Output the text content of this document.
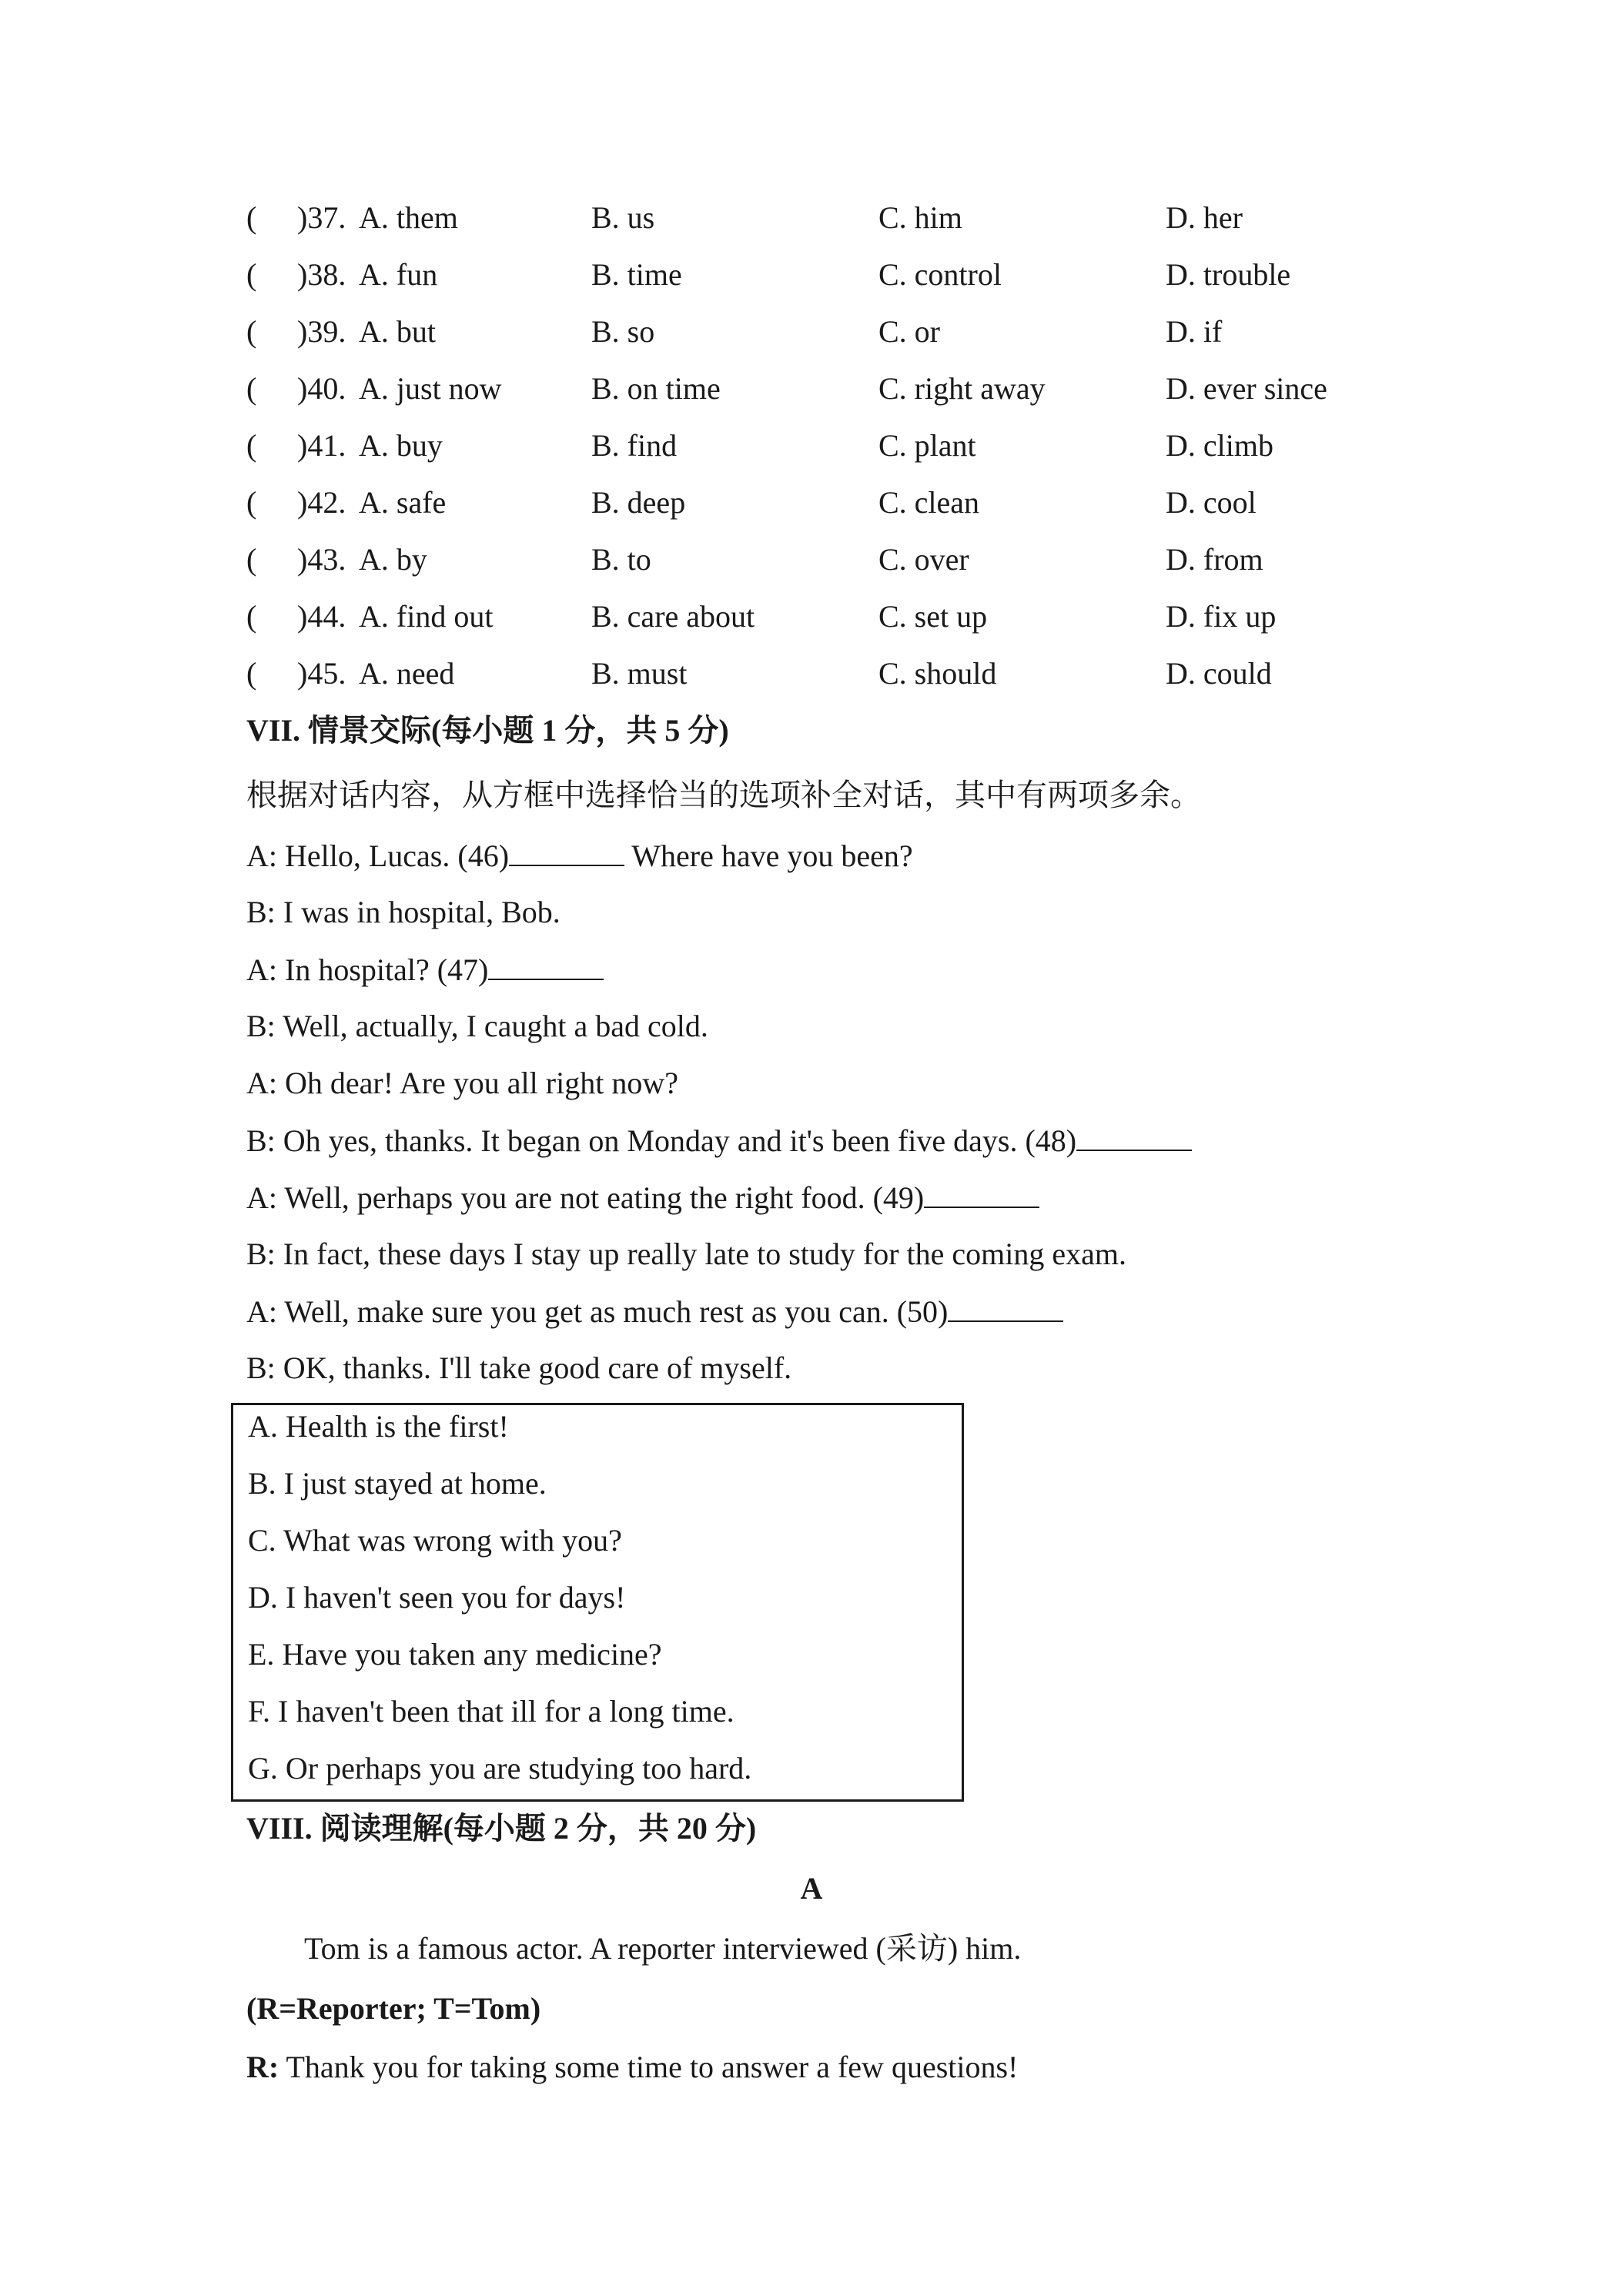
( )37. A. them	B. us	C. him	D. her
( )38. A. fun	B. time	C. control	D. trouble
( )39. A. but	B. so	C. or	D. if
( )40. A. just now	B. on time	C. right away	D. ever since
( )41. A. buy	B. find	C. plant	D. climb
( )42. A. safe	B. deep	C. clean	D. cool
( )43. A. by	B. to	C. over	D. from
( )44. A. find out	B. care about	C. set up	D. fix up
( )45. A. need	B. must	C. should	D. could
VII. 情景交际(每小题 1 分，共 5 分)
根据对话内容，从方框中选择恰当的选项补全对话，其中有两项多余。
A: Hello, Lucas. (46)	Where have you been?
B: I was in hospital, Bob.
A: In hospital? (47)
B: Well, actually, I caught a bad cold.
A: Oh dear! Are you all right now?
B: Oh yes, thanks. It began on Monday and it's been five days. (48)
A: Well, perhaps you are not eating the right food. (49)
B: In fact, these days I stay up really late to study for the coming exam.
A: Well, make sure you get as much rest as you can. (50)
B: OK, thanks. I'll take good care of myself.
A. Health is the first!
B. I just stayed at home.
C. What was wrong with you?
D. I haven't seen you for days!
E. Have you taken any medicine?
F. I haven't been that ill for a long time.
G. Or perhaps you are studying too hard.
VIII. 阅读理解(每小题 2 分，共 20 分)
A
Tom is a famous actor. A reporter interviewed (采访) him.
(R=Reporter; T=Tom)
R: Thank you for taking some time to answer a few questions!
